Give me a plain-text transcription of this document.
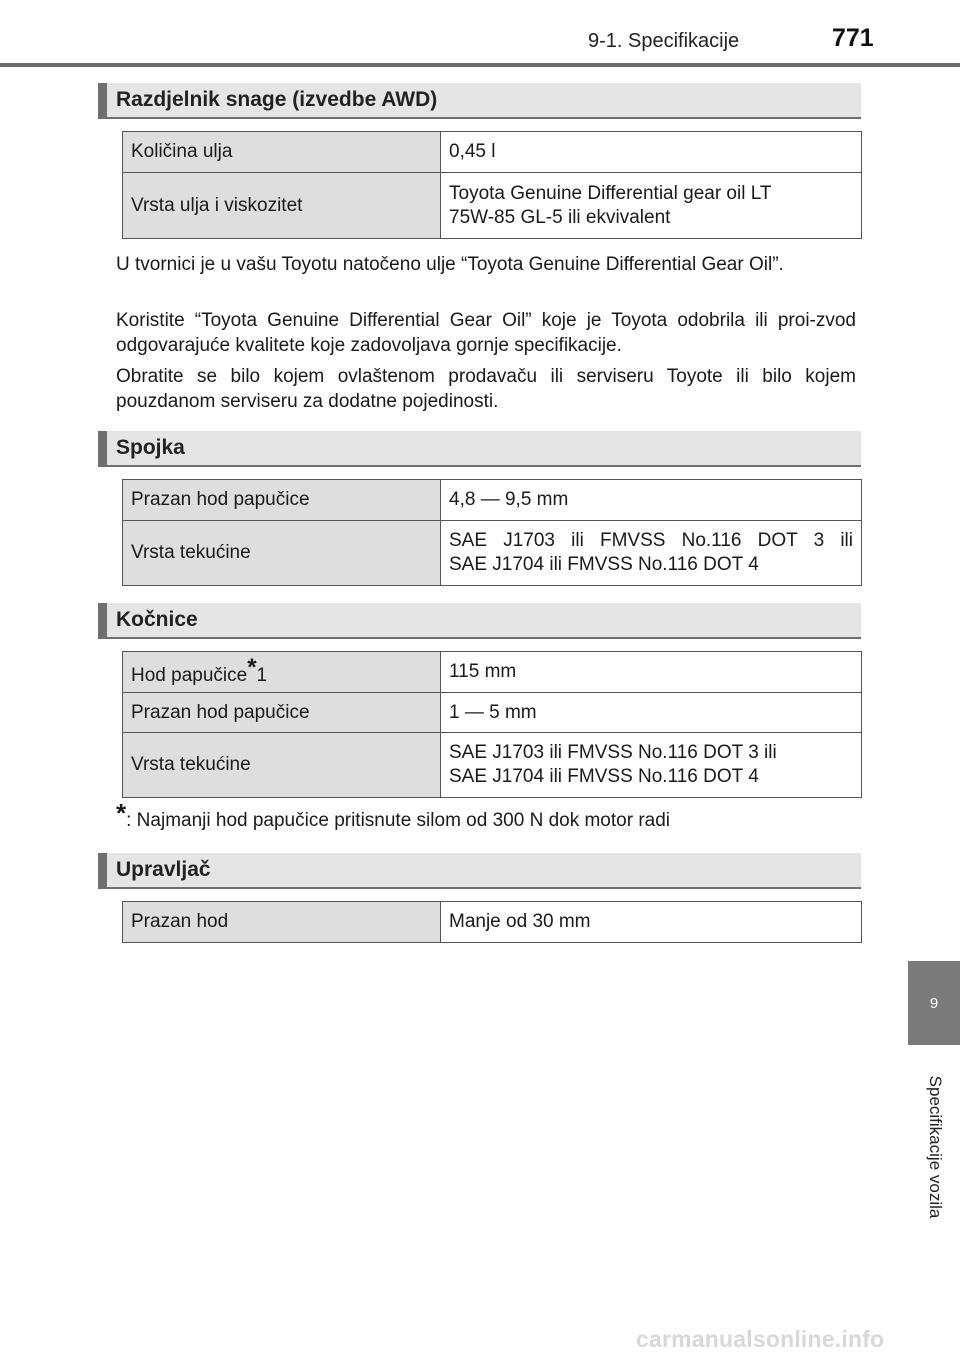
9-1. Specifikacije	771
9
Specifikacije vozila
Razdjelnik snage (izvedbe AWD)
Količina ulja	0,45 l
Vrsta ulja i viskozitet	Toyota Genuine Differential gear oil LT
75W-85 GL-5 ili ekvivalent

U tvornici je u vašu Toyotu natočeno ulje “Toyota Genuine Differential Gear Oil”.

Koristite “Toyota Genuine Differential Gear Oil” koje je Toyota odobrila ili proi-zvod odgovarajuće kvalitete koje zadovoljava gornje specifikacije.

Obratite se bilo kojem ovlaštenom prodavaču ili serviseru Toyote ili bilo kojem pouzdanom serviseru za dodatne pojedinosti.

Spojka
Prazan hod papučice	4,8 — 9,5 mm
Vrsta tekućine	SAE J1703 ili FMVSS No.116 DOT 3 ili
SAE J1704 ili FMVSS No.116 DOT 4
Kočnice
Hod papučice*1	115 mm
Prazan hod papučice	1 — 5 mm
Vrsta tekućine	SAE J1703 ili FMVSS No.116 DOT 3 ili
SAE J1704 ili FMVSS No.116 DOT 4
*: Najmanji hod papučice pritisnute silom od 300 N dok motor radi
Upravljač
Prazan hod	Manje od 30 mm
carmanualsonline.info
